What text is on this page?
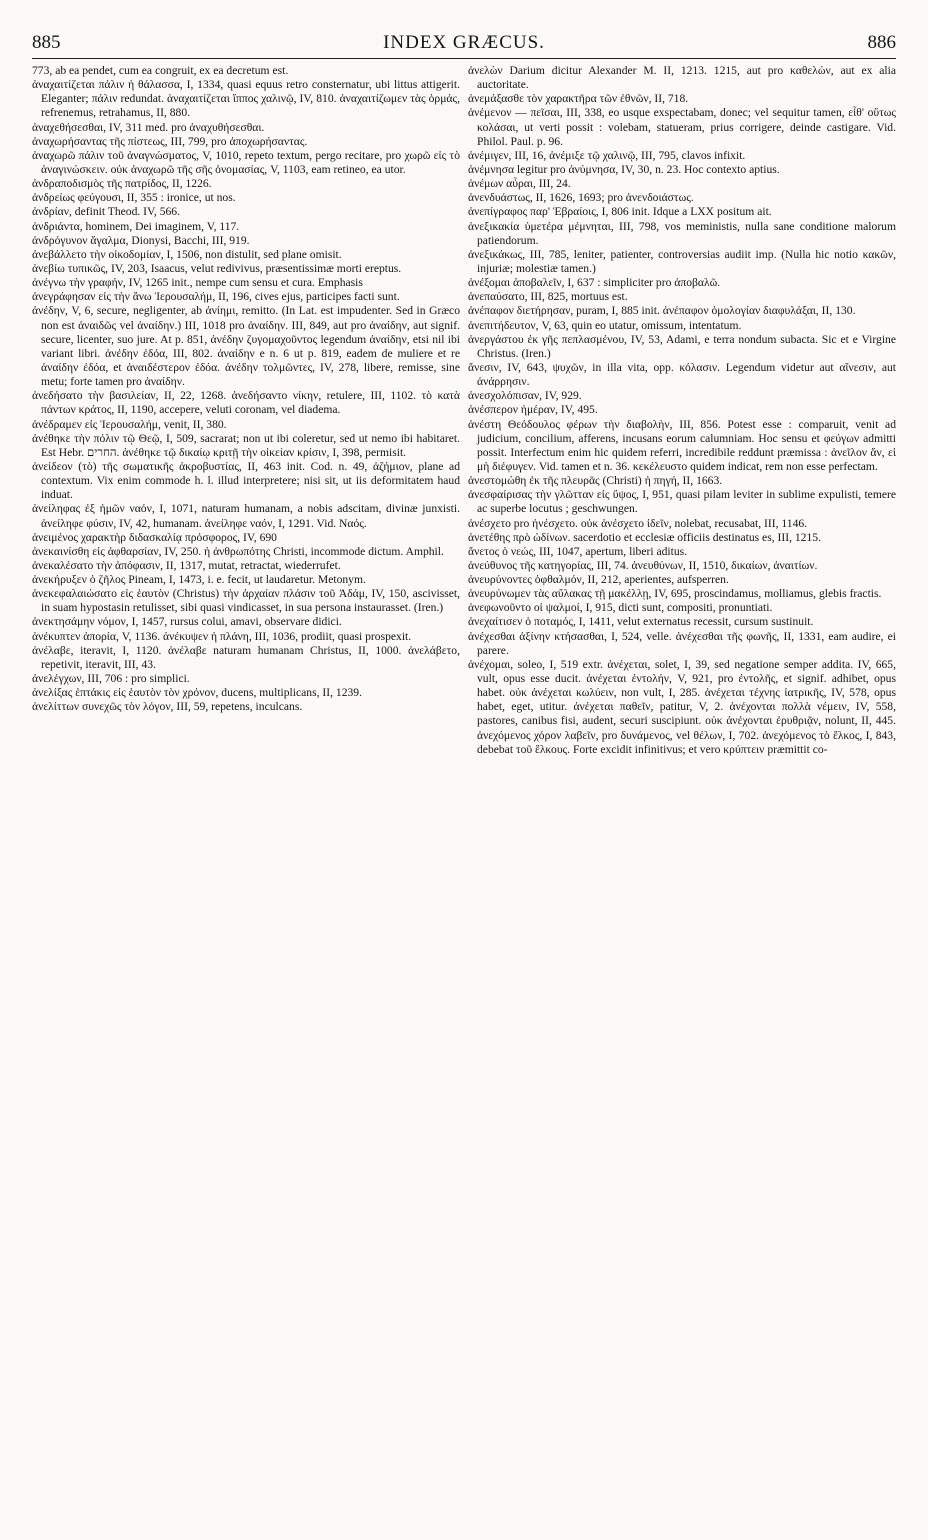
885	INDEX GRÆCUS.	886

773, ab ea pendet, cum ea congruit, ex ea decretum est.

ἀναχαιτίζεται πάλιν ἡ θάλασσα, I, 1334, quasi equus retro consternatur, ubi littus attigerit. Eleganter; πάλιν redundat. ἀναχαιτίζεται ἵππος χαλινῷ, IV, 810. ἀναχαιτίζωμεν τὰς ὁρμάς, refrenemus, retrahamus, II, 880.

ἀναχεθήσεσθαι, IV, 311 med. pro ἀναχυθήσεσθαι.

ἀναχωρήσαντας τῆς πίστεως, III, 799, pro ἀποχωρήσαντας.

ἀναχωρῶ πάλιν τοῦ ἀναγνώσματος, V, 1010, repeto textum, pergo recitare, pro χωρῶ εἰς τὸ ἀναγινώσκειν. οὐκ ἀναχωρῶ τῆς σῆς ὀνομασίας, V, 1103, eam retineo, ea utor.

ἀνδραποδισμὸς τῆς πατρίδος, II, 1226.

ἀνδρείως φεύγουσι, II, 355 : ironice, ut nos.

ἀνδρίαν, definit Theod. IV, 566.

ἀνδριάντα, hominem, Dei imaginem, V, 117.

ἀνδρόγυνον ἄγαλμα, Dionysi, Bacchi, III, 919.

ἀνεβάλλετο τὴν οἰκοδομίαν, I, 1506, non distulit, sed plane omisit.

ἀνεβίω τυπικῶς, IV, 203, Isaacus, velut redivivus, præsentissimæ morti ereptus.

ἀνέγνω τὴν γραφήν, IV, 1265 init., nempe cum sensu et cura. Emphasis

ἀνεγράφησαν εἰς τὴν ἄνω Ἱερουσαλήμ, II, 196, cives ejus, participes facti sunt.

ἀνέδην, V, 6, secure, negligenter, ab ἀνίημι, remitto. (In Lat. est impudenter. Sed in Græco non est ἀναιδῶς vel ἀναίδην.) III, 1018 pro ἀναίδην. III, 849, aut pro ἀναίδην, aut signif. secure, licenter, suo jure. At p. 851, ἀνέδην ζυγομαχοῦντος legendum ἀναίδην, etsi nil ibi variant libri. ἀνέδην ἐδόα, III, 802. ἀναίδην e n. 6 ut p. 819, eadem de muliere et re ἀναίδην ἐδόα, et ἀναιδέστερον ἐδόα. ἀνέδην τολμῶντες, IV, 278, libere, remisse, sine metu; forte tamen pro ἀναίδην.

ἀνεδήσατο τὴν βασιλείαν, II, 22, 1268. ἀνεδήσαντο νίκην, retulere, III, 1102. τὸ κατὰ πάντων κράτος, II, 1190, accepere, veluti coronam, vel diadema.

ἀνέδραμεν εἰς Ἱερουσαλήμ, venit, II, 380.

ἀνέθηκε τὴν πόλιν τῷ Θεῷ, I, 509, sacrarat; non ut ibi coleretur, sed ut nemo ibi habitaret. Est Hebr. החרים. ἀνέθηκε τῷ δικαίῳ κριτῇ τὴν οἰκείαν κρίσιν, I, 398, permisit.

ἀνείδεον (τὸ) τῆς σωματικῆς ἀκροβυστίας, II, 463 init. Cod. n. 49, ἀζήμιον, plane ad contextum. Vix enim commode h. l. illud interpretere; nisi sit, ut iis deformitatem haud induat.

ἀνείληφας ἐξ ἡμῶν ναόν, I, 1071, naturam humanam, a nobis adscitam, divinæ junxisti. ἀνείληφε φύσιν, IV, 42, humanam. ἀνείληφε ναόν, I, 1291. Vid. Ναός.

ἀνειμένος χαρακτὴρ διδασκαλίᾳ πρόσφορος, IV, 690

ἀνεκαινίσθη εἰς ἀφθαρσίαν, IV, 250. ἡ ἀνθρωπότης Christi, incommode dictum. Amphil.

ἀνεκαλέσατο τὴν ἀπόφασιν, II, 1317, mutat, retractat, wiederrufet.

ἀνεκήρυξεν ὁ ζῆλος Pineam, I, 1473, i. e. fecit, ut laudaretur. Metonym.

ἀνεκεφαλαιώσατο εἰς ἑαυτὸν (Christus) τὴν ἀρχαίαν πλάσιν τοῦ Ἀδάμ, IV, 150, ascivisset, in suam hypostasin retulisset, sibi quasi vindicasset, in sua persona instaurasset. (Iren.)

ἀνεκτησάμην νόμον, I, 1457, rursus colui, amavi, observare didici.

ἀνέκυπτεν ἀπορία, V, 1136. ἀνέκυψεν ἡ πλάνη, III, 1036, prodiit, quasi prospexit.

ἀνέλαβε, iteravit, I, 1120. ἀνέλαβε naturam humanam Christus, II, 1000. ἀνελάβετο, repetivit, iteravit, III, 43.

ἀνελέγχων, III, 706 : pro simplici.

ἀνελίξας ἑπτάκις εἰς ἑαυτὸν τὸν χρόνον, ducens, multiplicans, II, 1239.

ἀνελίττων συνεχῶς τὸν λόγον, III, 59, repetens, inculcans.

ἀνελὼν Darium dicitur Alexander M. II, 1213. 1215, aut pro καθελών, aut ex alia auctoritate.

ἀνεμάξασθε τὸν χαρακτῆρα τῶν ἐθνῶν, II, 718.

ἀνέμενον — πεῖσαι, III, 338, eo usque exspectabam, donec; vel sequitur tamen, εἶθ' οὕτως κολάσαι, ut verti possit : volebam, statueram, prius corrigere, deinde castigare. Vid. Philol. Paul. p. 96.

ἀνέμιγεν, III, 16, ἀνέμιξε τῷ χαλινῷ, III, 795, clavos infixit.

ἀνέμνησα legitur pro ἀνύμνησα, IV, 30, n. 23. Hoc contexto aptius.

ἀνέμων αὖραι, III, 24.

ἀνενδυάστως, II, 1626, 1693; pro ἀνενδοιάστως.

ἀνεπίγραφος παρ' Ἑβραίοις, I, 806 init. Idque a LXX positum ait.

ἀνεξικακία ὑμετέρα μέμνηται, III, 798, vos meministis, nulla sane conditione malorum patiendorum.

ἀνεξικάκως, III, 785, leniter, patienter, controversias audiit imp. (Nulla hic notio κακῶν, injuriæ; molestiæ tamen.)

ἀνέξομαι ἀποβαλεῖν, I, 637 : simpliciter pro ἀποβαλῶ.

ἀνεπαύσατο, III, 825, mortuus est.

ἀνέπαφον διετήρησαν, puram, I, 885 init. ἀνέπαφον ὁμολογίαν διαφυλάξαι, II, 130.

ἀνεπιτήδευτον, V, 63, quin eo utatur, omissum, intentatum.

ἀνεργάστου ἐκ γῆς πεπλασμένου, IV, 53, Adami, e terra nondum subacta. Sic et e Virgine Christus. (Iren.)

ἄνεσιν, IV, 643, ψυχῶν, in illa vita, opp. κόλασιν. Legendum videtur aut αἴνεσιν, aut ἀνάρρησιν.

ἀνεσχολόπισαν, IV, 929.

ἀνέσπερον ἡμέραν, IV, 495.

ἀνέστη Θεόδουλος φέρων τὴν διαβολὴν, III, 856. Potest esse : comparuit, venit ad judicium, concilium, afferens, incusans eorum calumniam. Hoc sensu et φεύγων admitti possit. Interfectum enim hic quidem referri, incredibile reddunt præmissa : ἀνεῖλον ἄν, εἰ μὴ διέφυγεν. Vid. tamen et n. 36. κεκέλευστο quidem indicat, rem non esse perfectam.

ἀνεστομώθη ἐκ τῆς πλευρᾶς (Christi) ἡ πηγή, II, 1663.

ἀνεσφαίρισας τὴν γλῶτταν εἰς ὕψος, I, 951, quasi pilam leviter in sublime expulisti, temere ac superbe locutus ; geschwungen.

ἀνέσχετο pro ἠνέσχετο. οὐκ ἀνέσχετο ἰδεῖν, nolebat, recusabat, III, 1146.

ἀνετέθης πρὸ ὠδίνων. sacerdotio et ecclesiæ officiis destinatus es, III, 1215.

ἄνετος ὁ νεώς, III, 1047, apertum, liberi aditus.

ἀνεύθυνος τῆς κατηγορίας, III, 74. ἀνευθύνων, II, 1510, δικαίων, ἀναιτίων.

ἀνευρύνοντες ὀφθαλμόν, II, 212, aperientes, aufsperren.

ἀνευρύνωμεν τὰς αὔλακας τῇ μακέλλῃ, IV, 695, proscindamus, molliamus, glebis fractis.

ἀνεφωνοῦντο οἱ ψαλμοί, I, 915, dicti sunt, compositi, pronuntiati.

ἀνεχαίτισεν ὁ ποταμός, I, 1411, velut externatus recessit, cursum sustinuit.

ἀνέχεσθαι ἀξίνην κτήσασθαι, I, 524, velle. ἀνέχεσθαι τῆς φωνῆς, II, 1331, eam audire, ei parere.

ἀνέχομαι, soleo, I, 519 extr. ἀνέχεται, solet, I, 39, sed negatione semper addita. IV, 665, vult, opus esse ducit. ἀνέχεται ἐντολήν, V, 921, pro ἐντολῆς, et signif. adhibet, opus habet. οὐκ ἀνέχεται κωλύειν, non vult, I, 285. ἀνέχεται τέχνης ἰατρικῆς, IV, 578, opus habet, eget, utitur. ἀνέχεται παθεῖν, patitur, V, 2. ἀνέχονται πολλὰ νέμειν, IV, 558, pastores, canibus fisi, audent, securi suscipiunt. οὐκ ἀνέχονται ἐρυθριᾷν, nolunt, II, 445. ἀνεχόμενος χόρον λαβεῖν, pro δυνάμενος, vel θέλων, I, 702. ἀνεχόμενος τὸ ἕλκος, I, 843, debebat τοῦ ἕλκους. Forte excidit infinitivus; et vero κρύπτειν præmittit co-
